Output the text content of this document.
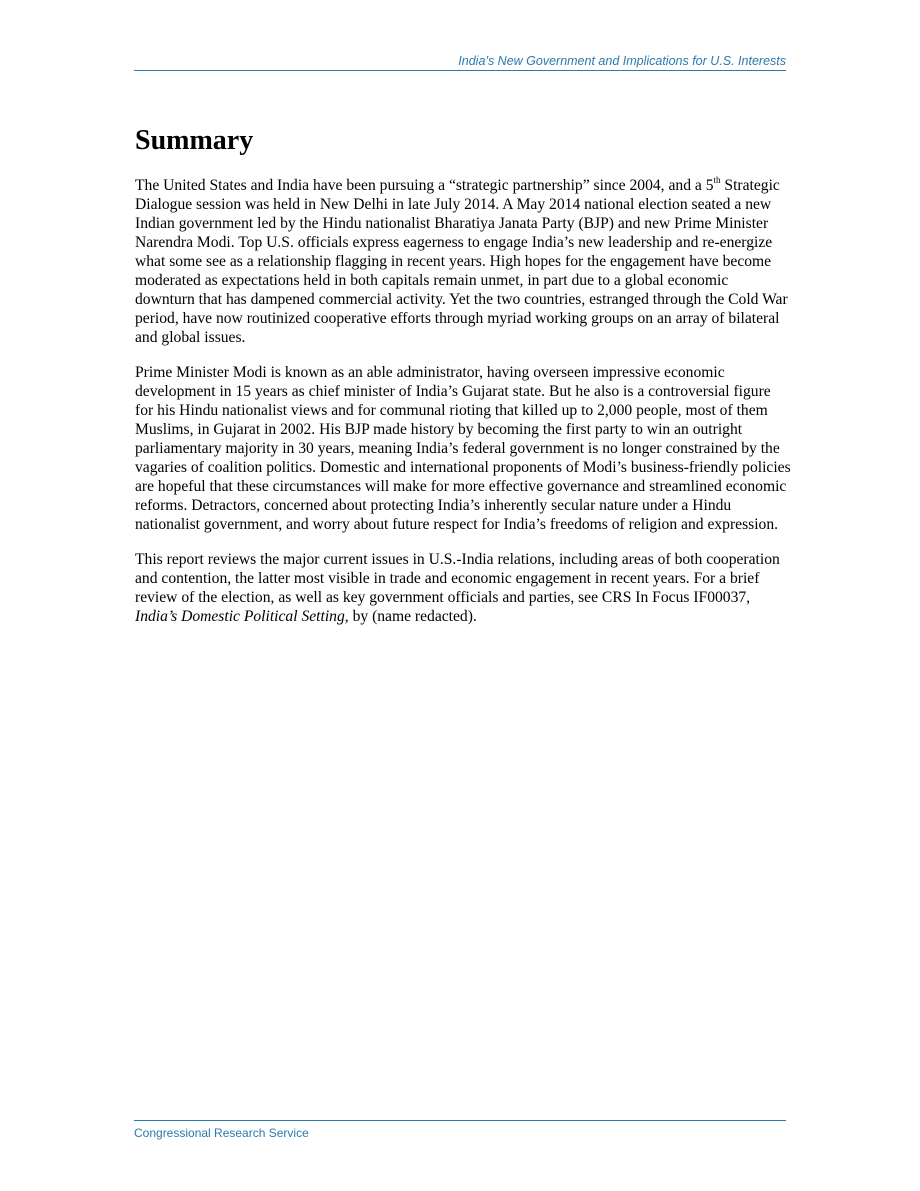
India’s New Government and Implications for U.S. Interests
Summary

The United States and India have been pursuing a “strategic partnership” since 2004, and a 5th Strategic Dialogue session was held in New Delhi in late July 2014. A May 2014 national election seated a new Indian government led by the Hindu nationalist Bharatiya Janata Party (BJP) and new Prime Minister Narendra Modi. Top U.S. officials express eagerness to engage India’s new leadership and re-energize what some see as a relationship flagging in recent years. High hopes for the engagement have become moderated as expectations held in both capitals remain unmet, in part due to a global economic downturn that has dampened commercial activity. Yet the two countries, estranged through the Cold War period, have now routinized cooperative efforts through myriad working groups on an array of bilateral and global issues.

Prime Minister Modi is known as an able administrator, having overseen impressive economic development in 15 years as chief minister of India’s Gujarat state. But he also is a controversial figure for his Hindu nationalist views and for communal rioting that killed up to 2,000 people, most of them Muslims, in Gujarat in 2002. His BJP made history by becoming the first party to win an outright parliamentary majority in 30 years, meaning India’s federal government is no longer constrained by the vagaries of coalition politics. Domestic and international proponents of Modi’s business-friendly policies are hopeful that these circumstances will make for more effective governance and streamlined economic reforms. Detractors, concerned about protecting India’s inherently secular nature under a Hindu nationalist government, and worry about future respect for India’s freedoms of religion and expression.

This report reviews the major current issues in U.S.-India relations, including areas of both cooperation and contention, the latter most visible in trade and economic engagement in recent years. For a brief review of the election, as well as key government officials and parties, see CRS In Focus IF00037, India’s Domestic Political Setting, by (name redacted).

Congressional Research Service
